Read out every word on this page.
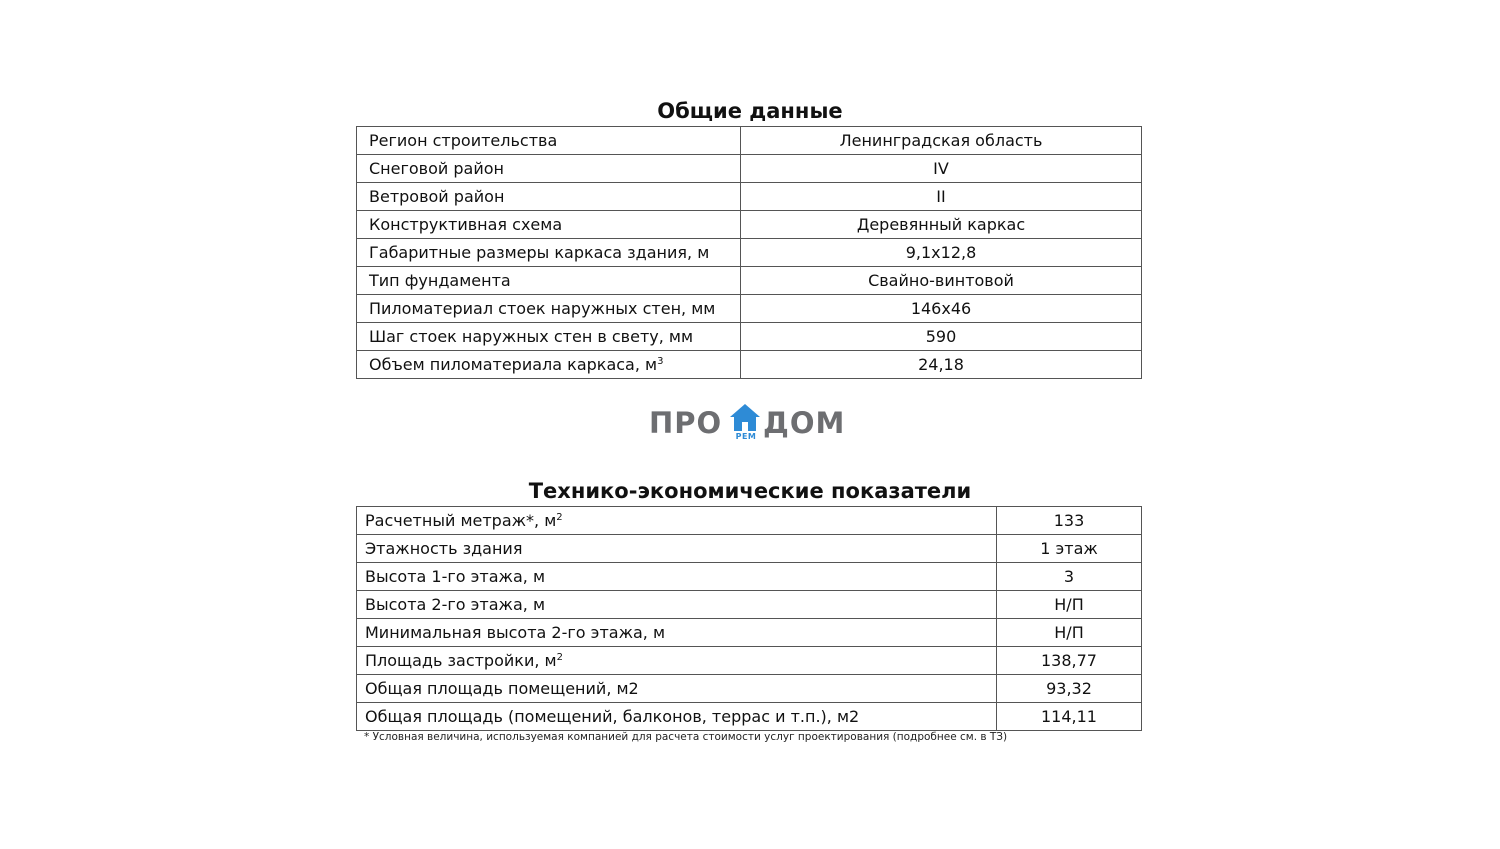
Общие данные
Регион строительства	Ленинградская область
Снеговой район	IV
Ветровой район	II
Конструктивная схема	Деревянный каркас
Габаритные размеры каркаса здания, м	9,1x12,8
Тип фундамента	Свайно-винтовой
Пиломатериал стоек наружных стен, мм	146x46
Шаг стоек наружных стен в свету, мм	590
Объем пиломатериала каркаса, $м^3$	24,18
ПРО	РЕМ ДОМ
Технико-экономические показатели
Расчетный метраж*, $м^2$	133
Этажность здания	1 этаж
Высота 1-го этажа, м	3
Высота 2-го этажа, м	Н/П
Минимальная высота 2-го этажа, м	Н/П
Площадь застройки, $м^2$	138,77
Общая площадь помещений, м2	93,32
Общая площадь (помещений, балконов, террас и т.п.), м2	114,11
* Условная величина, используемая компанией для расчета стоимости услуг проектирования (подробнее см. в ТЗ)
